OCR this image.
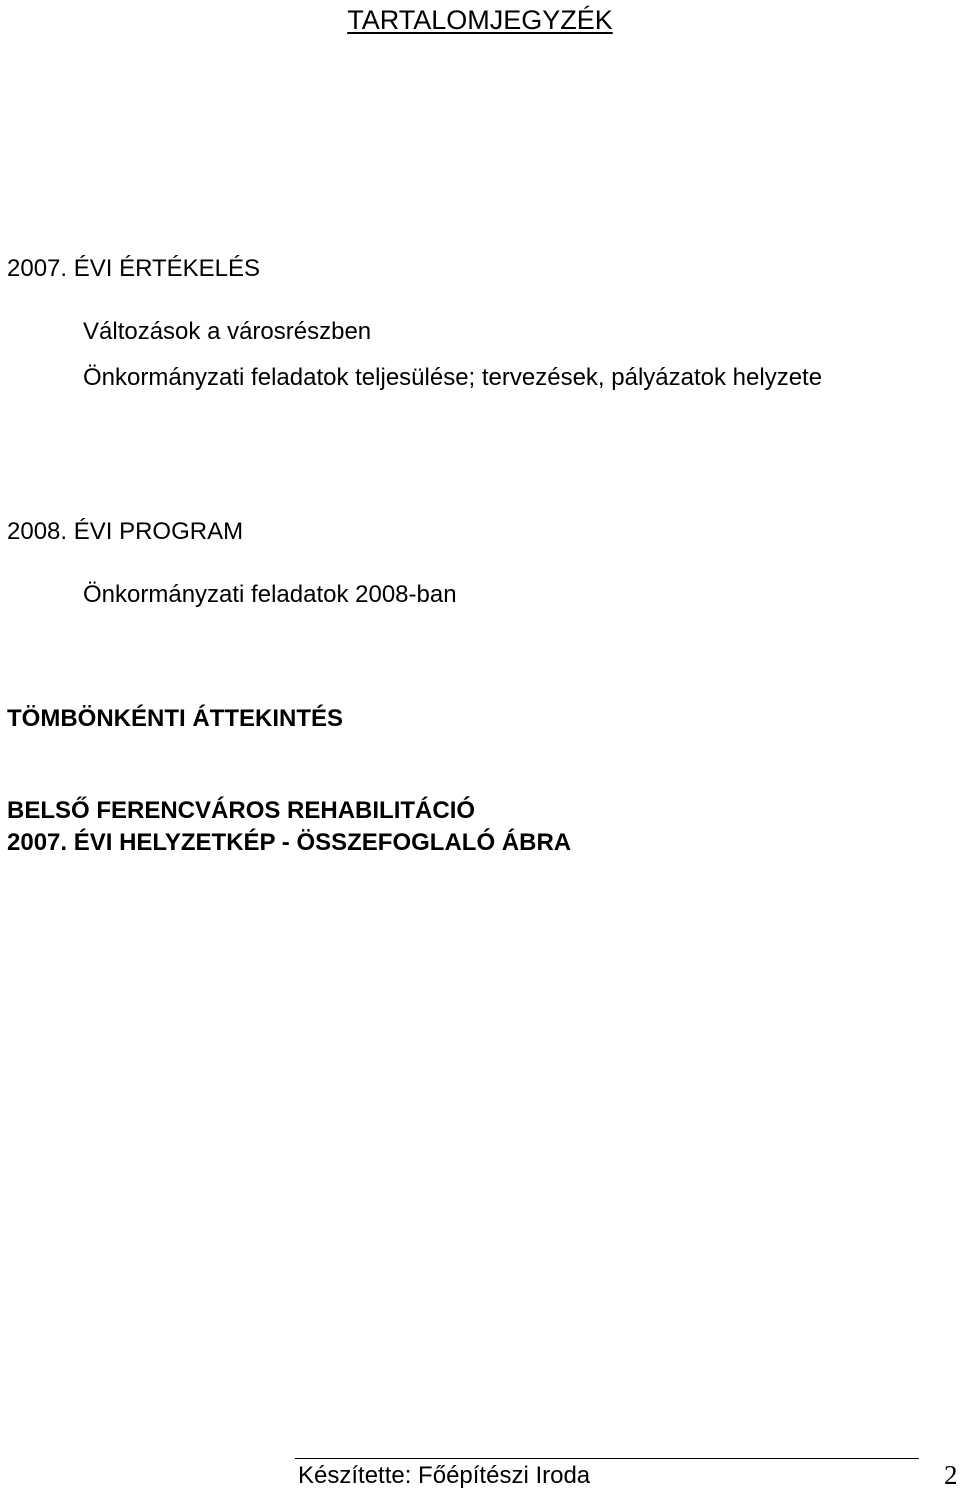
TARTALOMJEGYZÉK
2007. ÉVI ÉRTÉKELÉS
Változások a városrészben
Önkormányzati feladatok teljesülése; tervezések, pályázatok helyzete
2008. ÉVI PROGRAM
Önkormányzati feladatok 2008-ban
TÖMBÖNKÉNTI ÁTTEKINTÉS
BELSŐ FERENCVÁROS REHABILITÁCIÓ
2007. ÉVI HELYZETKÉP - ÖSSZEFOGLALÓ ÁBRA
Készítette: Főépítészi Iroda	2
